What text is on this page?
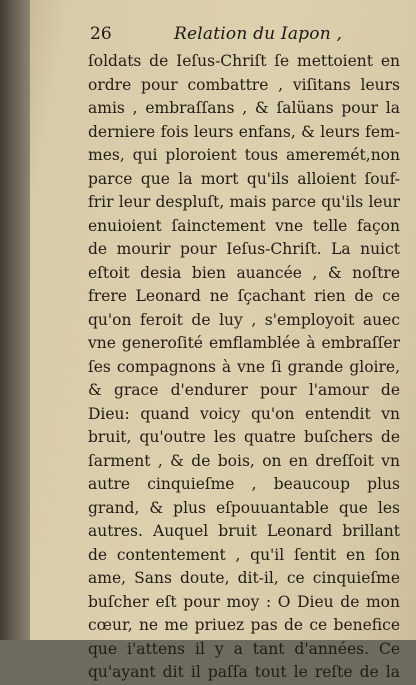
26	Relation du Iapon ,
ſoldats de Ieſus-Chriſt ſe mettoient en
ordre pour combattre , viſitans leurs
amis , embraſſans , & ſalüans pour la
derniere fois leurs enfans, & leurs fem-
mes, qui ploroient tous ameremét,non
parce que la mort qu'ils alloient ſouf-
frir leur despluſt, mais parce qu'ils leur
enuioient ſainctement vne telle façon
de mourir pour Ieſus-Chriſt. La nuict
eſtoit desia bien auancée , & noſtre
frere Leonard ne ſçachant rien de ce
qu'on feroit de luy , s'employoit auec
vne generoſité emflamblée à embraſſer
ſes compagnons à vne ſi grande gloire,
& grace d'endurer pour l'amour de
Dieu: quand voicy qu'on entendit vn
bruit, qu'outre les quatre buſchers de
ſarment , & de bois, on en dreſſoit vn
autre cinquieſme , beaucoup plus
grand, & plus eſpouuantable que les
autres. Auquel bruit Leonard brillant
de contentement , qu'il ſentit en ſon
ame, Sans doute, dit-il, ce cinquieſme
buſcher eſt pour moy : O Dieu de mon
cœur, ne me priuez pas de ce benefice
que i'attens il y a tant d'années. Ce
qu'ayant dit il paſſa tout le reſte de la
